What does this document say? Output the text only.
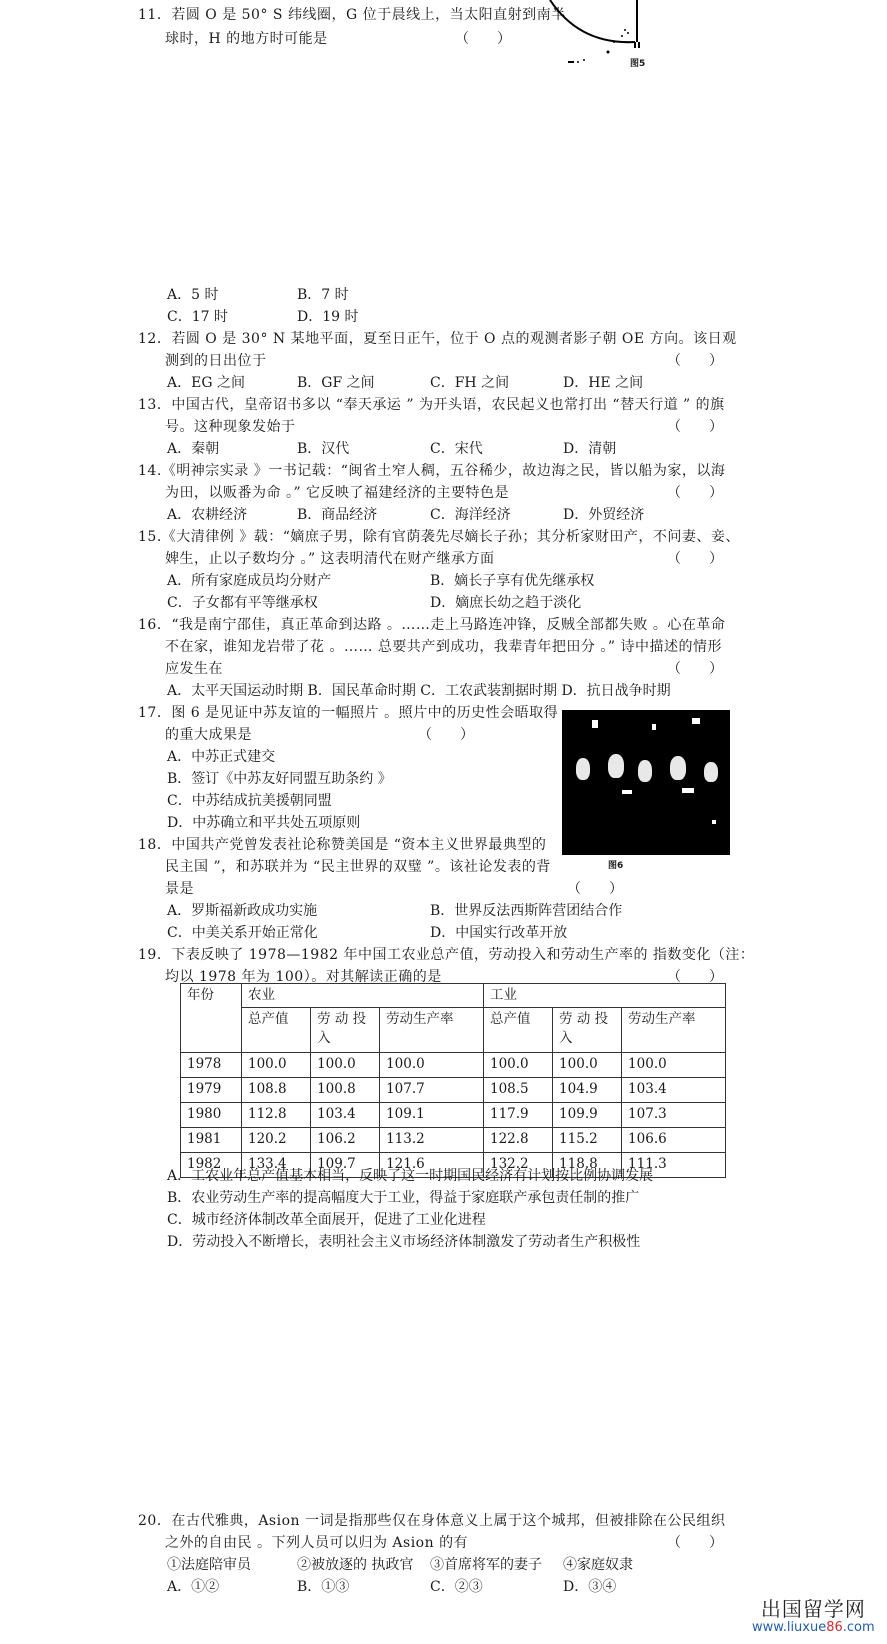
11．若圆 O 是 50° S 纬线圈，G 位于晨线上，当太阳直射到南半
球时，H 的地方时可能是	（　　）
图5
A．5 时	B．7 时
C．17 时	D．19 时
12．若圆 O 是 30° N 某地平面，夏至日正午，位于 O 点的观测者影子朝 OE 方向。该日观
测到的日出位于	（　　）
A．EG 之间	B．GF 之间	C．FH 之间	D．HE 之间
13．中国古代，皇帝诏书多以 “奉天承运 ” 为开头语，农民起义也常打出 “替天行道 ” 的旗
号。这种现象发始于	（　　）
A．秦朝	B．汉代	C．宋代	D．清朝
14.《明神宗实录 》一书记载：“闽省土窄人稠，五谷稀少，故边海之民，皆以船为家，以海
为田，以贩番为命 。” 它反映了福建经济的主要特色是	（　　）
A．农耕经济	B．商品经济	C．海洋经济	D．外贸经济
15.《大清律例 》载：“嫡庶子男，除有官荫袭先尽嫡长子孙；其分析家财田产，不问妻、妾、
婢生，止以子数均分 。” 这表明清代在财产继承方面	（　　）
A．所有家庭成员均分财产	B．嫡长子享有优先继承权
C．子女都有平等继承权	D．嫡庶长幼之趋于淡化
16．“我是南宁邵佳，真正革命到达路 。……走上马路连冲锋，反贼全部都失败 。心在革命
不在家，谁知龙岩带了花 。…… 总要共产到成功，我辈青年把田分 。” 诗中描述的情形
应发生在	（　　）
A．太平天国运动时期 B．国民革命时期 C．工农武装割据时期 D．抗日战争时期
17．图 6 是见证中苏友谊的一幅照片 。照片中的历史性会晤取得
的重大成果是	（　　）
A．中苏正式建交
B．签订《中苏友好同盟互助条约 》
C．中苏结成抗美援朝同盟
D．中苏确立和平共处五项原则
图6
18．中国共产党曾发表社论称赞美国是 “资本主义世界最典型的
民主国 ”，和苏联并为 “民主世界的双璧 ”。该社论发表的背
景是	（　　）
A．罗斯福新政成功实施	B．世界反法西斯阵营团结合作
C．中美关系开始正常化	D．中国实行改革开放
19．下表反映了 1978—1982 年中国工农业总产值，劳动投入和劳动生产率的 指数变化（注：
均以 1978 年为 100）。对其解读正确的是	（　　）
年份	农业			工业		
	总产值	劳 动 投 入	劳动生产率	总产值	劳 动 投 入	劳动生产率
1978	100.0	100.0	100.0	100.0	100.0	100.0
1979	108.8	100.8	107.7	108.5	104.9	103.4
1980	112.8	103.4	109.1	117.9	109.9	107.3
1981	120.2	106.2	113.2	122.8	115.2	106.6
1982	133.4	109.7	121.6	132.2	118.8	111.3
A．工农业年总产值基本相当，反映了这一时期国民经济有计划按比例协调发展
B．农业劳动生产率的提高幅度大于工业，得益于家庭联产承包责任制的推广
C．城市经济体制改革全面展开，促进了工业化进程
D．劳动投入不断增长，表明社会主义市场经济体制激发了劳动者生产积极性
20．在古代雅典，Asion 一词是指那些仅在身体意义上属于这个城邦，但被排除在公民组织
之外的自由民 。下列人员可以归为 Asion 的有	（　　）
①法庭陪审员	②被放逐的 执政官 ③首席将军的妻子 ④家庭奴隶
A．①②	B．①③	C．②③	D．③④
出国留学网
www.liuxue86.com
